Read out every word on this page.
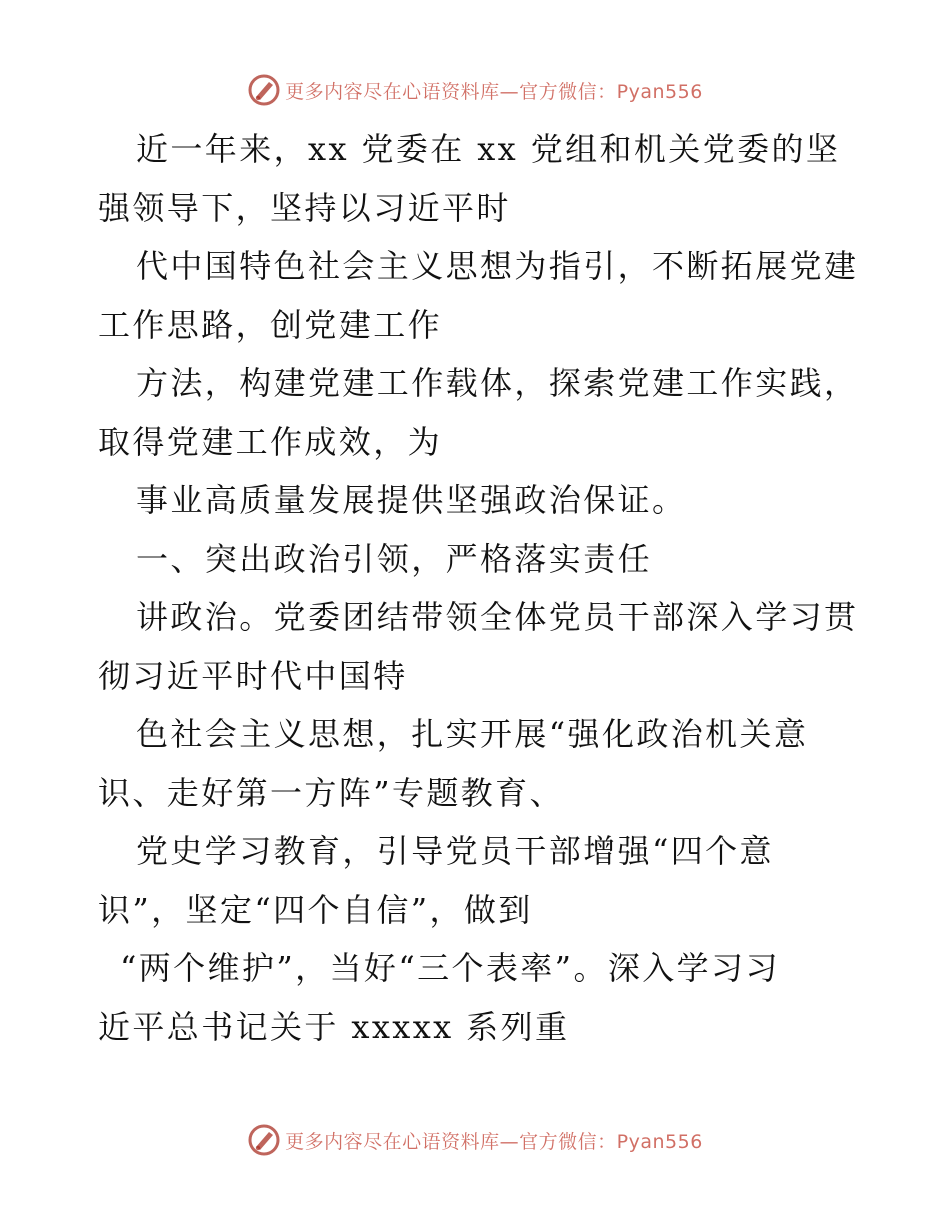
更多内容尽在心语资料库—官方微信：Pyan556
近一年来，xx 党委在 xx 党组和机关党委的坚
强领导下，坚持以习近平时
代中国特色社会主义思想为指引，不断拓展党建
工作思路，创党建工作
方法，构建党建工作载体，探索党建工作实践，
取得党建工作成效，为
事业高质量发展提供坚强政治保证。
一、突出政治引领，严格落实责任
讲政治。党委团结带领全体党员干部深入学习贯
彻习近平时代中国特
色社会主义思想，扎实开展“强化政治机关意
识、走好第一方阵”专题教育、
党史学习教育，引导党员干部增强“四个意
识”，坚定“四个自信”，做到
“两个维护”，当好“三个表率”。深入学习习
近平总书记关于 xxxxx 系列重
更多内容尽在心语资料库—官方微信：Pyan556
